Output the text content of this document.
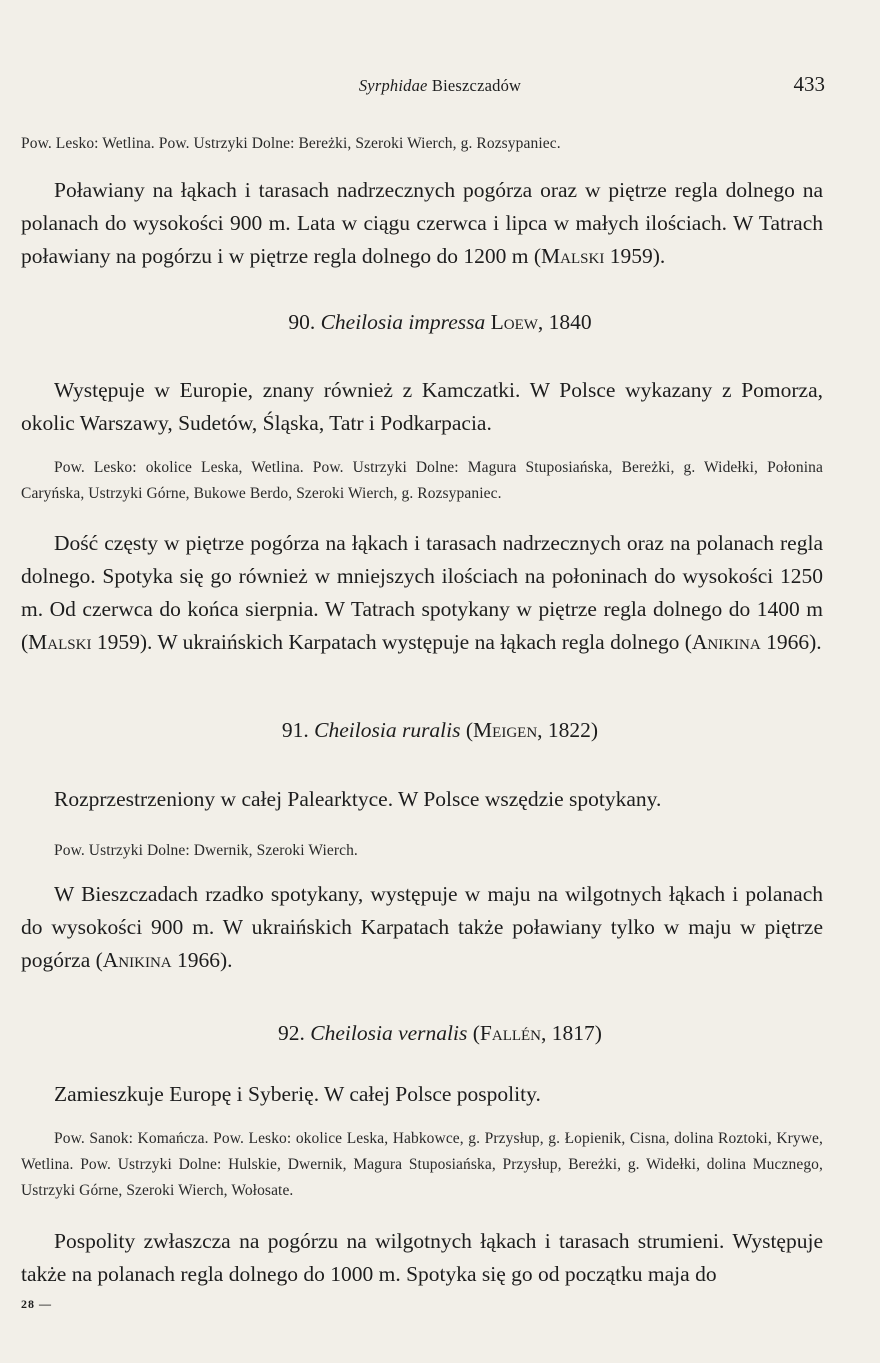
Syrphidae Bieszczadów	433
Pow. Lesko: Wetlina. Pow. Ustrzyki Dolne: Bereżki, Szeroki Wierch, g. Rozsypaniec.
Poławiany na łąkach i tarasach nadrzecznych pogórza oraz w piętrze regla dolnego na polanach do wysokości 900 m. Lata w ciągu czerwca i lipca w małych ilościach. W Tatrach poławiany na pogórzu i w piętrze regla dolnego do 1200 m (Malski 1959).
90. Cheilosia impressa Loew, 1840
Występuje w Europie, znany również z Kamczatki. W Polsce wykazany z Pomorza, okolic Warszawy, Sudetów, Śląska, Tatr i Podkarpacia.
Pow. Lesko: okolice Leska, Wetlina. Pow. Ustrzyki Dolne: Magura Stuposiańska, Bereżki, g. Widełki, Połonina Caryńska, Ustrzyki Górne, Bukowe Berdo, Szeroki Wierch, g. Rozsypaniec.
Dość częsty w piętrze pogórza na łąkach i tarasach nadrzecznych oraz na polanach regla dolnego. Spotyka się go również w mniejszych ilościach na połoninach do wysokości 1250 m. Od czerwca do końca sierpnia. W Tatrach spotykany w piętrze regla dolnego do 1400 m (Malski 1959). W ukraińskich Karpatach występuje na łąkach regla dolnego (Anikina 1966).
91. Cheilosia ruralis (Meigen, 1822)
Rozprzestrzeniony w całej Palearktyce. W Polsce wszędzie spotykany.
Pow. Ustrzyki Dolne: Dwernik, Szeroki Wierch.
W Bieszczadach rzadko spotykany, występuje w maju na wilgotnych łąkach i polanach do wysokości 900 m. W ukraińskich Karpatach także poławiany tylko w maju w piętrze pogórza (Anikina 1966).
92. Cheilosia vernalis (Fallén, 1817)
Zamieszkuje Europę i Syberię. W całej Polsce pospolity.
Pow. Sanok: Komańcza. Pow. Lesko: okolice Leska, Habkowce, g. Przysłup, g. Łopienik, Cisna, dolina Roztoki, Krywe, Wetlina. Pow. Ustrzyki Dolne: Hulskie, Dwernik, Magura Stuposiańska, Przysłup, Bereżki, g. Widełki, dolina Mucznego, Ustrzyki Górne, Szeroki Wierch, Wołosate.
Pospolity zwłaszcza na pogórzu na wilgotnych łąkach i tarasach strumieni. Występuje także na polanach regla dolnego do 1000 m. Spotyka się go od początku maja do
28 —
